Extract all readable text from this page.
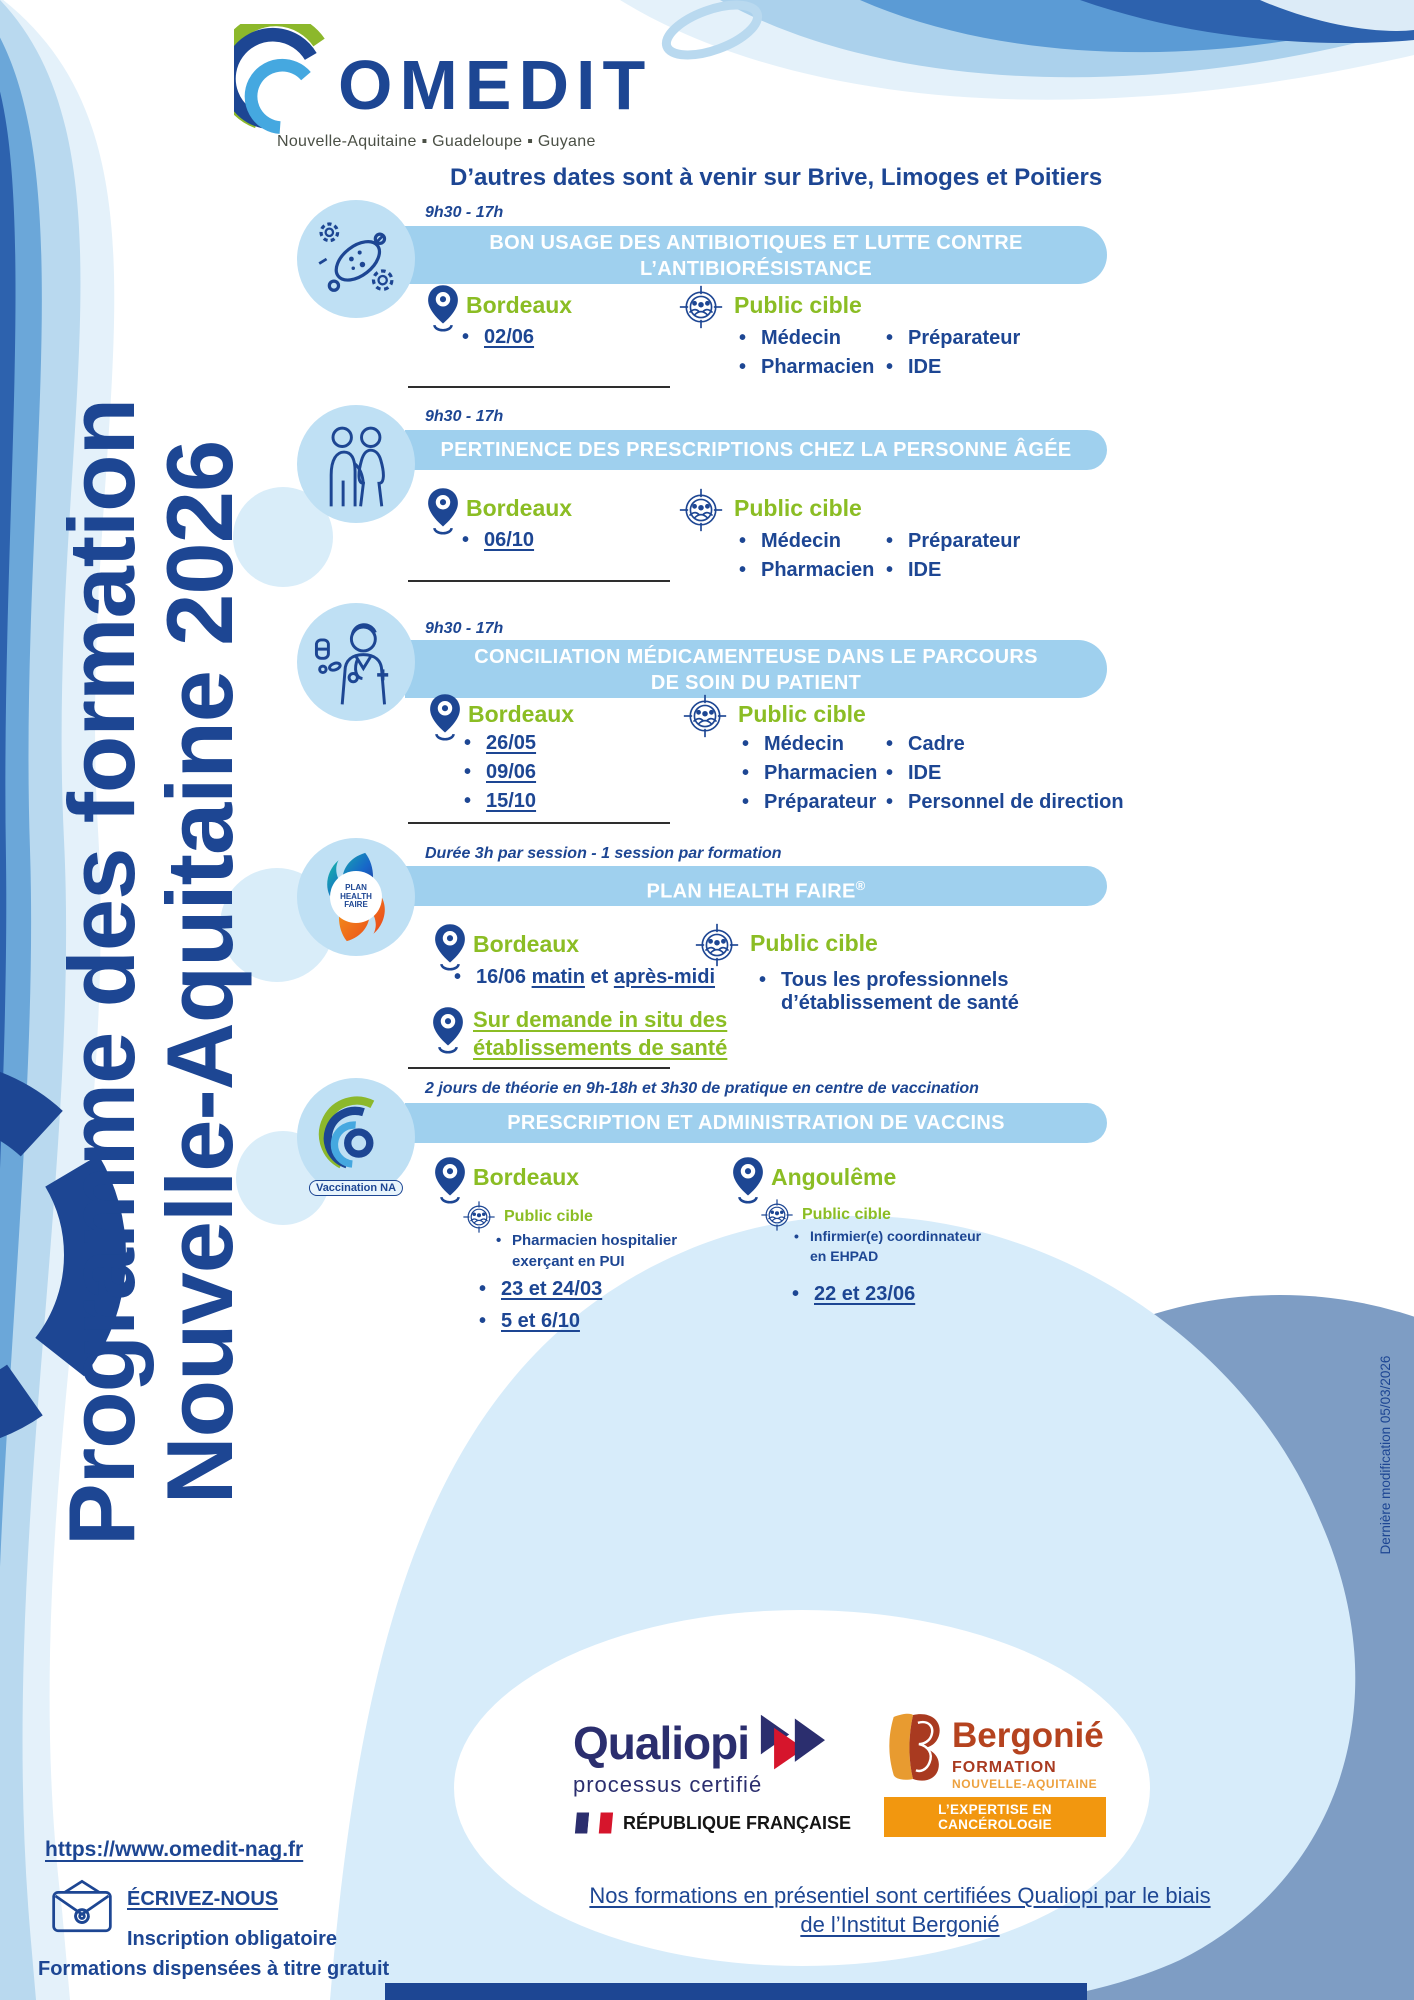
Programme des formation
Nouvelle-Aquitaine 2026
OMEDIT
Nouvelle-Aquitaine ▪ Guadeloupe ▪ Guyane
D’autres dates sont à venir sur Brive, Limoges et Poitiers
9h30 - 17h
BON USAGE DES ANTIBIOTIQUES ET LUTTE CONTRE
L’ANTIBIORÉSISTANCE
Bordeaux
• 02/06
Public cible
• Médecin
• Pharmacien
• Préparateur
• IDE
9h30 - 17h
PERTINENCE DES PRESCRIPTIONS CHEZ LA PERSONNE ÂGÉE
Bordeaux
• 06/10
Public cible
• Médecin
• Pharmacien
• Préparateur
• IDE
9h30 - 17h
CONCILIATION MÉDICAMENTEUSE DANS LE PARCOURS
DE SOIN DU PATIENT
Bordeaux
• 26/05
• 09/06
• 15/10
Public cible
• Médecin
• Pharmacien
• Préparateur
• Cadre
• IDE
• Personnel de direction
PLAN
HEALTH
FAIRE
Durée 3h par session - 1 session par formation
PLAN HEALTH FAIRE®
Bordeaux
• 16/06 matin et après-midi
Sur demande in situ des
établissements de santé
Public cible
• Tous les professionnels
d’établissement de santé
Vaccination NA
2 jours de théorie en 9h-18h et 3h30 de pratique en centre de vaccination
PRESCRIPTION ET ADMINISTRATION DE VACCINS
Bordeaux
Public cible
• Pharmacien hospitalier
exerçant en PUI
• 23 et 24/03
• 5 et 6/10
Angoulême
Public cible
• Infirmier(e) coordinnateur
en EHPAD
• 22 et 23/06
Qualiopi
processus certifié
RÉPUBLIQUE FRANÇAISE
Bergonié
FORMATION
NOUVELLE-AQUITAINE
L’EXPERTISE EN CANCÉROLOGIE
https://www.omedit-nag.fr
ÉCRIVEZ-NOUS
Inscription obligatoire
Formations dispensées à titre gratuit
Nos formations en présentiel sont certifiées Qualiopi par le biais
de l’Institut Bergonié
Dernière modification 05/03/2026
